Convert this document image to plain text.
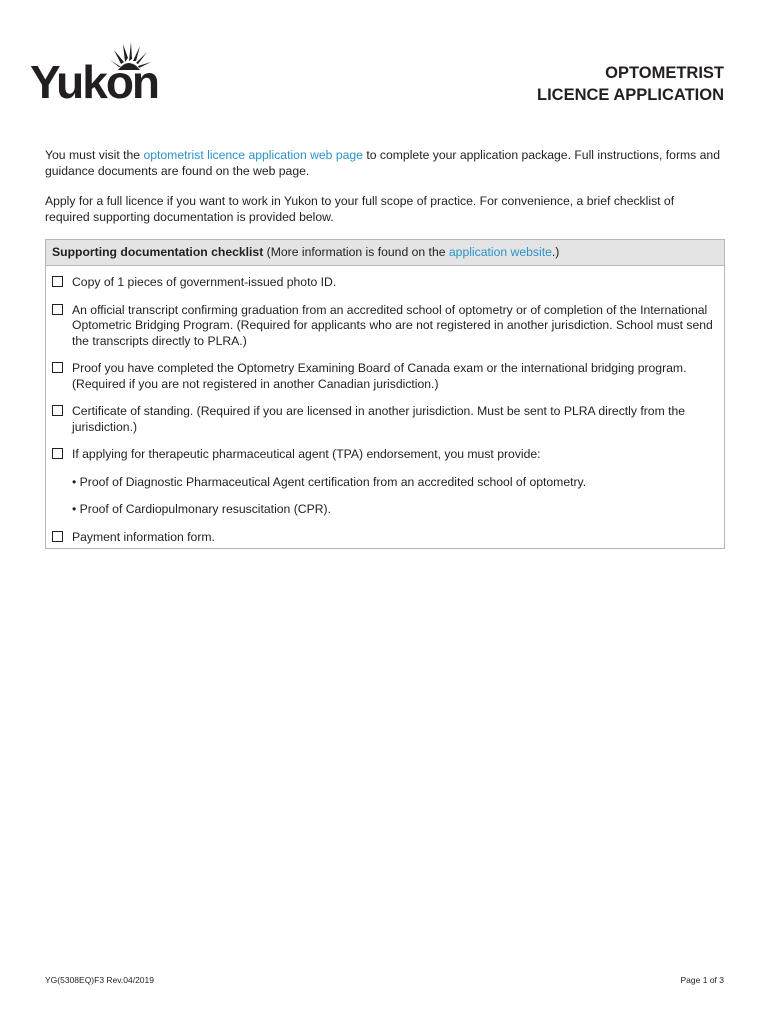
Yukon	OPTOMETRIST
LICENCE APPLICATION

You must visit the optometrist licence application web page to complete your application package. Full instructions, forms and guidance documents are found on the web page.

Apply for a full licence if you want to work in Yukon to your full scope of practice. For convenience, a brief checklist of required supporting documentation is provided below.

Supporting documentation checklist (More information is found on the application website.)
Copy of 1 pieces of government-issued photo ID.
An official transcript confirming graduation from an accredited school of optometry or of completion of the International Optometric Bridging Program. (Required for applicants who are not registered in another jurisdiction. School must send the transcripts directly to PLRA.)
Proof you have completed the Optometry Examining Board of Canada exam or the international bridging program. (Required if you are not registered in another Canadian jurisdiction.)
Certificate of standing. (Required if you are licensed in another jurisdiction. Must be sent to PLRA directly from the jurisdiction.)
If applying for therapeutic pharmaceutical agent (TPA) endorsement, you must provide:
• Proof of Diagnostic Pharmaceutical Agent certification from an accredited school of optometry.
• Proof of Cardiopulmonary resuscitation (CPR).
Payment information form.
YG(5308EQ)F3 Rev.04/2019	Page 1 of 3
